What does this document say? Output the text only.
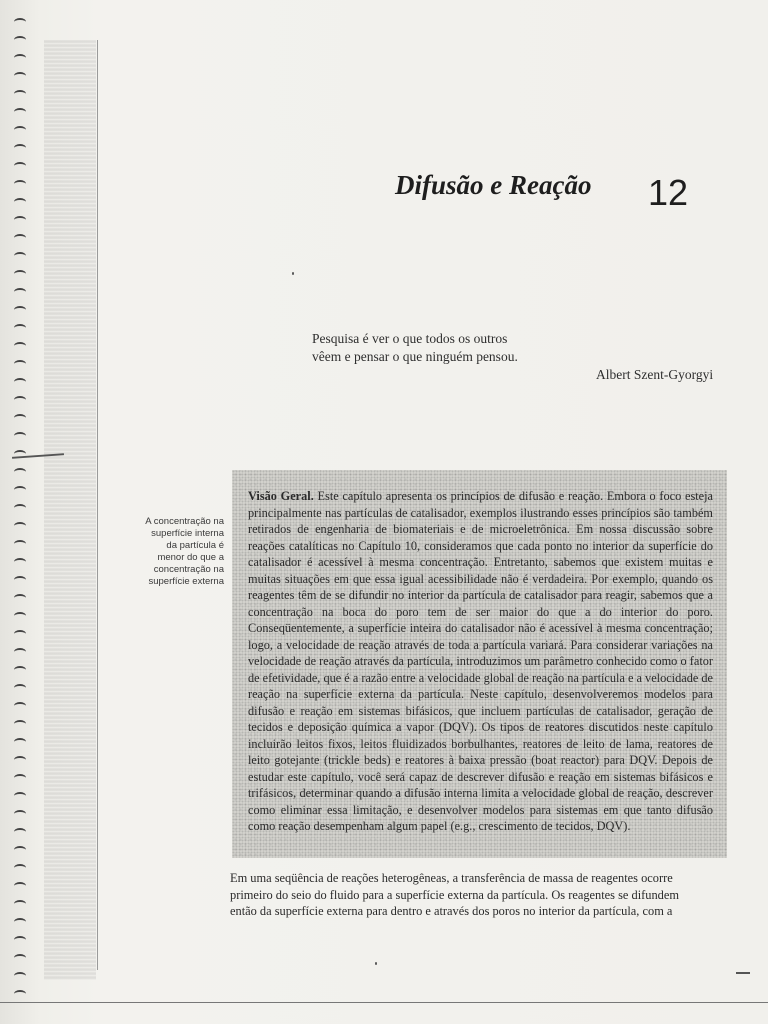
Difusão e Reação 12
Pesquisa é ver o que todos os outros
vêem e pensar o que ninguém pensou.
Albert Szent-Gyorgyi
A concentração na
superfície interna
da partícula é
menor do que a
concentração na
superfície externa
Visão Geral. Este capítulo apresenta os princípios de difusão e reação. Embora o foco esteja principalmente nas partículas de catalisador, exemplos ilustrando esses princípios são também retirados de engenharia de biomateriais e de microeletrônica. Em nossa discussão sobre reações catalíticas no Capítulo 10, consideramos que cada ponto no interior da superfície do catalisador é acessível à mesma concentração. Entretanto, sabemos que existem muitas e muitas situações em que essa igual acessibilidade não é verdadeira. Por exemplo, quando os reagentes têm de se difundir no interior da partícula de catalisador para reagir, sabemos que a concentração na boca do poro tem de ser maior do que a do interior do poro. Conseqüentemente, a superfície inteira do catalisador não é acessível à mesma concentração; logo, a velocidade de reação através de toda a partícula variará. Para considerar variações na velocidade de reação através da partícula, introduzimos um parâmetro conhecido como o fator de efetividade, que é a razão entre a velocidade global de reação na partícula e a velocidade de reação na superfície externa da partícula. Neste capítulo, desenvolveremos modelos para difusão e reação em sistemas bifásicos, que incluem partículas de catalisador, geração de tecidos e deposição química a vapor (DQV). Os tipos de reatores discutidos neste capítulo incluirão leitos fixos, leitos fluidizados borbulhantes, reatores de leito de lama, reatores de leito gotejante (trickle beds) e reatores à baixa pressão (boat reactor) para DQV. Depois de estudar este capítulo, você será capaz de descrever difusão e reação em sistemas bifásicos e trifásicos, determinar quando a difusão interna limita a velocidade global de reação, descrever como eliminar essa limitação, e desenvolver modelos para sistemas em que tanto difusão como reação desempenham algum papel (e.g., crescimento de tecidos, DQV).
Em uma seqüência de reações heterogêneas, a transferência de massa de reagentes ocorre
primeiro do seio do fluido para a superfície externa da partícula. Os reagentes se difundem
então da superfície externa para dentro e através dos poros no interior da partícula, com a
